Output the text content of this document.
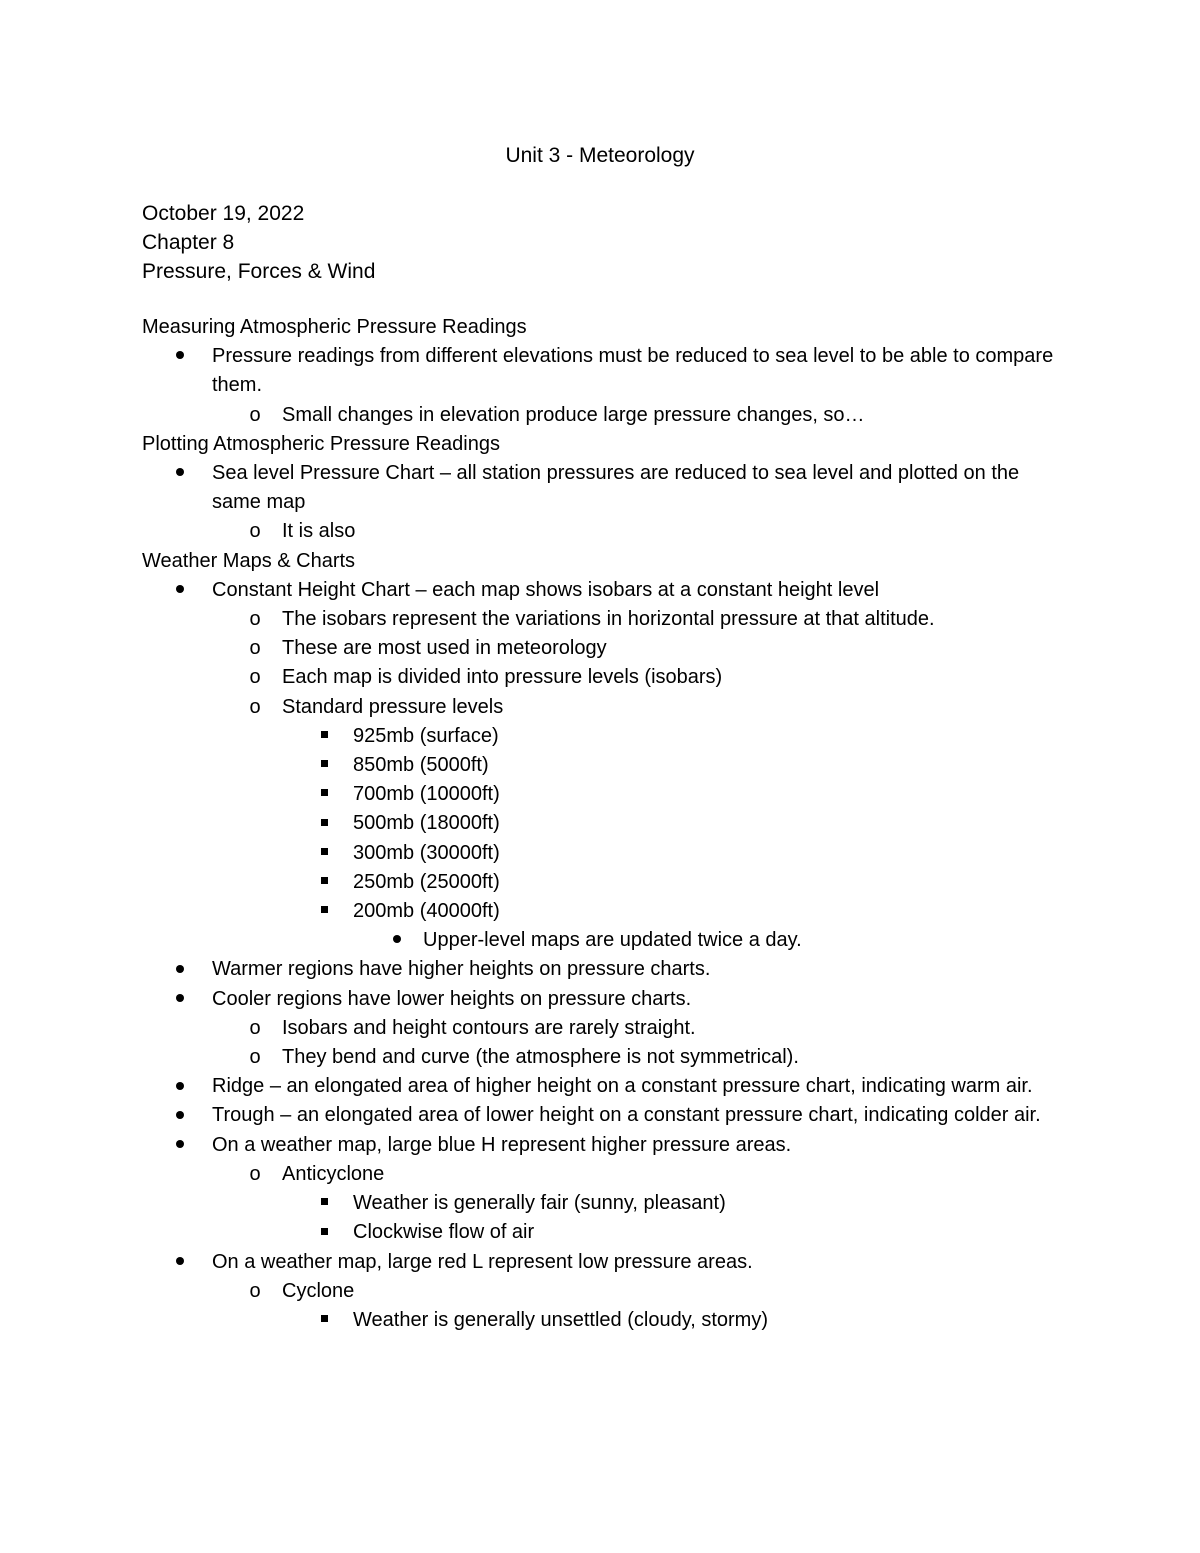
Unit 3 - Meteorology
October 19, 2022
Chapter 8
Pressure, Forces & Wind
Measuring Atmospheric Pressure Readings
Pressure readings from different elevations must be reduced to sea level to be able to compare them.
o Small changes in elevation produce large pressure changes, so…
Plotting Atmospheric Pressure Readings
Sea level Pressure Chart – all station pressures are reduced to sea level and plotted on the same map
o It is also
Weather Maps & Charts
Constant Height Chart – each map shows isobars at a constant height level
o The isobars represent the variations in horizontal pressure at that altitude.
o These are most used in meteorology
o Each map is divided into pressure levels (isobars)
o Standard pressure levels
925mb (surface)
850mb (5000ft)
700mb (10000ft)
500mb (18000ft)
300mb (30000ft)
250mb (25000ft)
200mb (40000ft)
Upper-level maps are updated twice a day.
Warmer regions have higher heights on pressure charts.
Cooler regions have lower heights on pressure charts.
o Isobars and height contours are rarely straight.
o They bend and curve (the atmosphere is not symmetrical).
Ridge – an elongated area of higher height on a constant pressure chart, indicating warm air.
Trough – an elongated area of lower height on a constant pressure chart, indicating colder air.
On a weather map, large blue H represent higher pressure areas.
o Anticyclone
Weather is generally fair (sunny, pleasant)
Clockwise flow of air
On a weather map, large red L represent low pressure areas.
o Cyclone
Weather is generally unsettled (cloudy, stormy)
